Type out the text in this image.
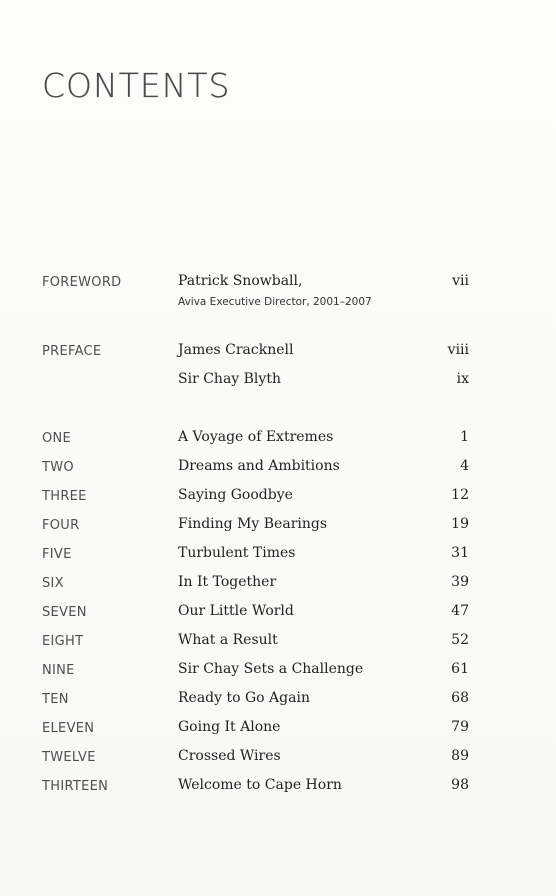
CONTENTS
FOREWORD	Patrick Snowball,	vii
Aviva Executive Director, 2001–2007
PREFACE	James Cracknell	viii
Sir Chay Blyth	ix
ONE	A Voyage of Extremes	1
TWO	Dreams and Ambitions	4
THREE	Saying Goodbye	12
FOUR	Finding My Bearings	19
FIVE	Turbulent Times	31
SIX	In It Together	39
SEVEN	Our Little World	47
EIGHT	What a Result	52
NINE	Sir Chay Sets a Challenge	61
TEN	Ready to Go Again	68
ELEVEN	Going It Alone	79
TWELVE	Crossed Wires	89
THIRTEEN	Welcome to Cape Horn	98
